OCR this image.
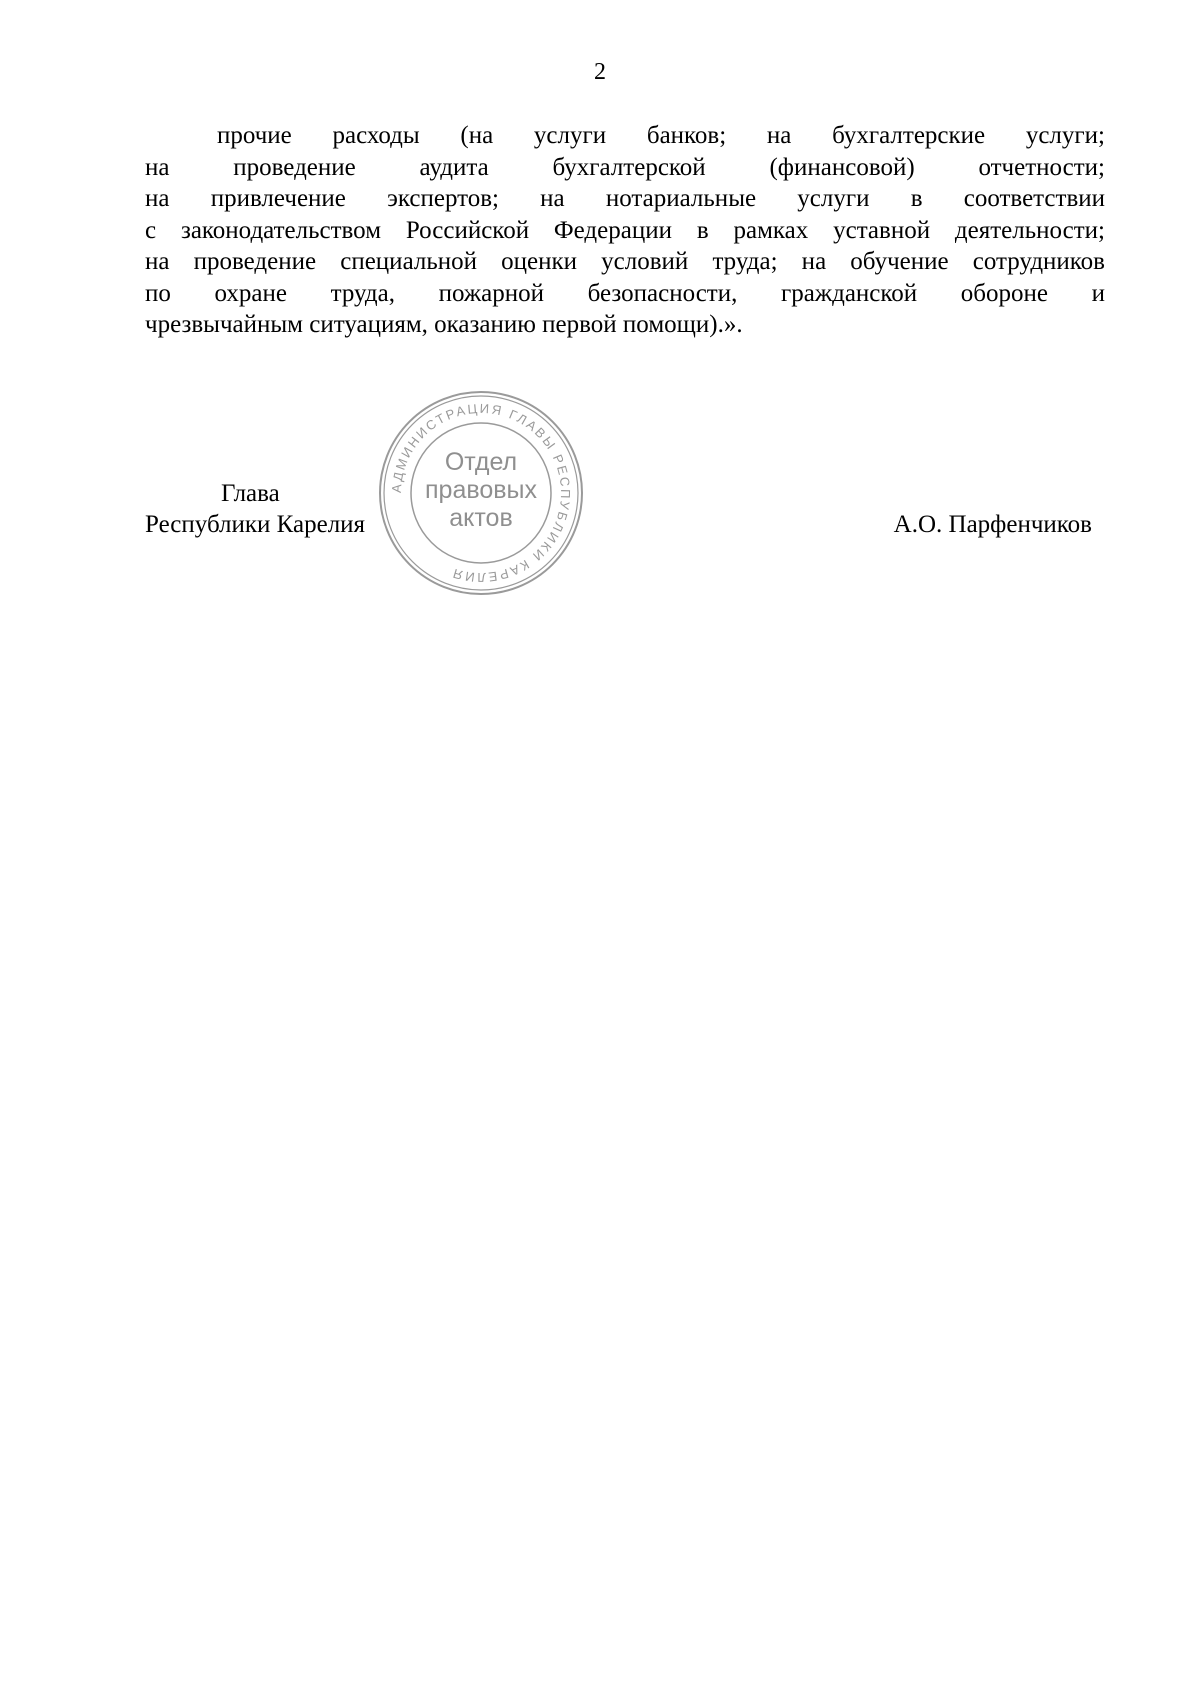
2
прочие расходы (на услуги банков; на бухгалтерские услуги;
на проведение аудита бухгалтерской (финансовой) отчетности;
на привлечение экспертов; на нотариальные услуги в соответствии
с законодательством Российской Федерации в рамках уставной деятельности;
на проведение специальной оценки условий труда; на обучение сотрудников
по охране труда, пожарной безопасности, гражданской обороне и
чрезвычайным ситуациям, оказанию первой помощи).».
Глава
Республики Карелия	А.О. Парфенчиков
АДМИНИСТРАЦИЯ ГЛАВЫ РЕСПУБЛИКИ КАРЕЛИЯ
Отдел
правовых
актов
